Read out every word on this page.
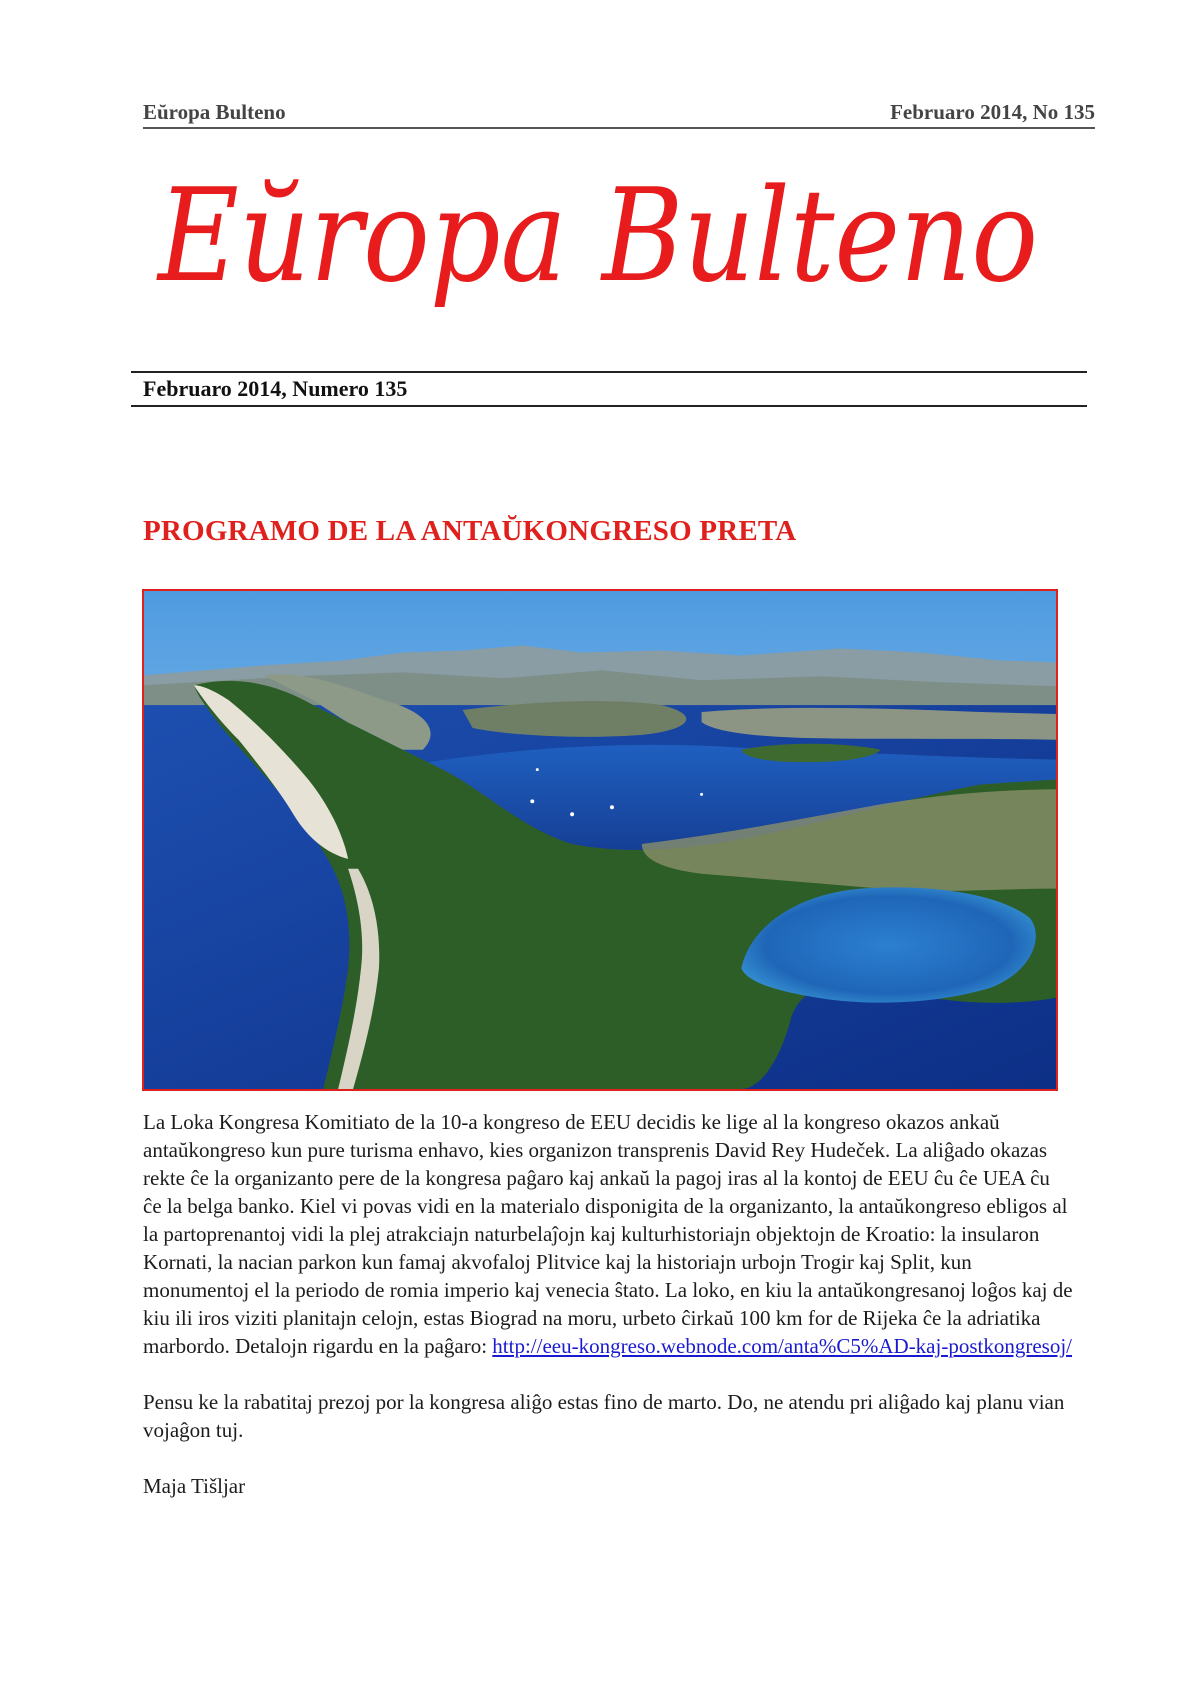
Eŭropa Bulteno	Februaro 2014, No 135
Eŭropa Bulteno
Februaro 2014, Numero 135
PROGRAMO DE LA ANTAŬKONGRESO PRETA

La Loka Kongresa Komitiato de la 10-a kongreso de EEU decidis ke lige al la kongreso okazos ankaŭ antaŭkongreso kun pure turisma enhavo, kies organizon transprenis David Rey Hudeček. La aliĝado okazas rekte ĉe la organizanto pere de la kongresa paĝaro kaj ankaŭ la pagoj iras al la kontoj de EEU ĉu ĉe UEA ĉu ĉe la belga banko. Kiel vi povas vidi en la materialo disponigita de la organizanto, la antaŭkongreso ebligos al la partoprenantoj vidi la plej atrakciajn naturbelaĵojn kaj kulturhistoriajn objektojn de Kroatio: la insularon Kornati, la nacian parkon kun famaj akvofaloj Plitvice kaj la historiajn urbojn Trogir kaj Split, kun monumentoj el la periodo de romia imperio kaj venecia ŝtato. La loko, en kiu la antaŭkongresanoj loĝos kaj de kiu ili iros viziti planitajn celojn, estas Biograd na moru, urbeto ĉirkaŭ 100 km for de Rijeka ĉe la adriatika marbordo. Detalojn rigardu en la paĝaro: http://eeu-kongreso.webnode.com/anta%C5%AD-kaj-postkongresoj/

Pensu ke la rabatitaj prezoj por la kongresa aliĝo estas fino de marto. Do, ne atendu pri aliĝado kaj planu vian vojaĝon tuj.

Maja Tišljar
